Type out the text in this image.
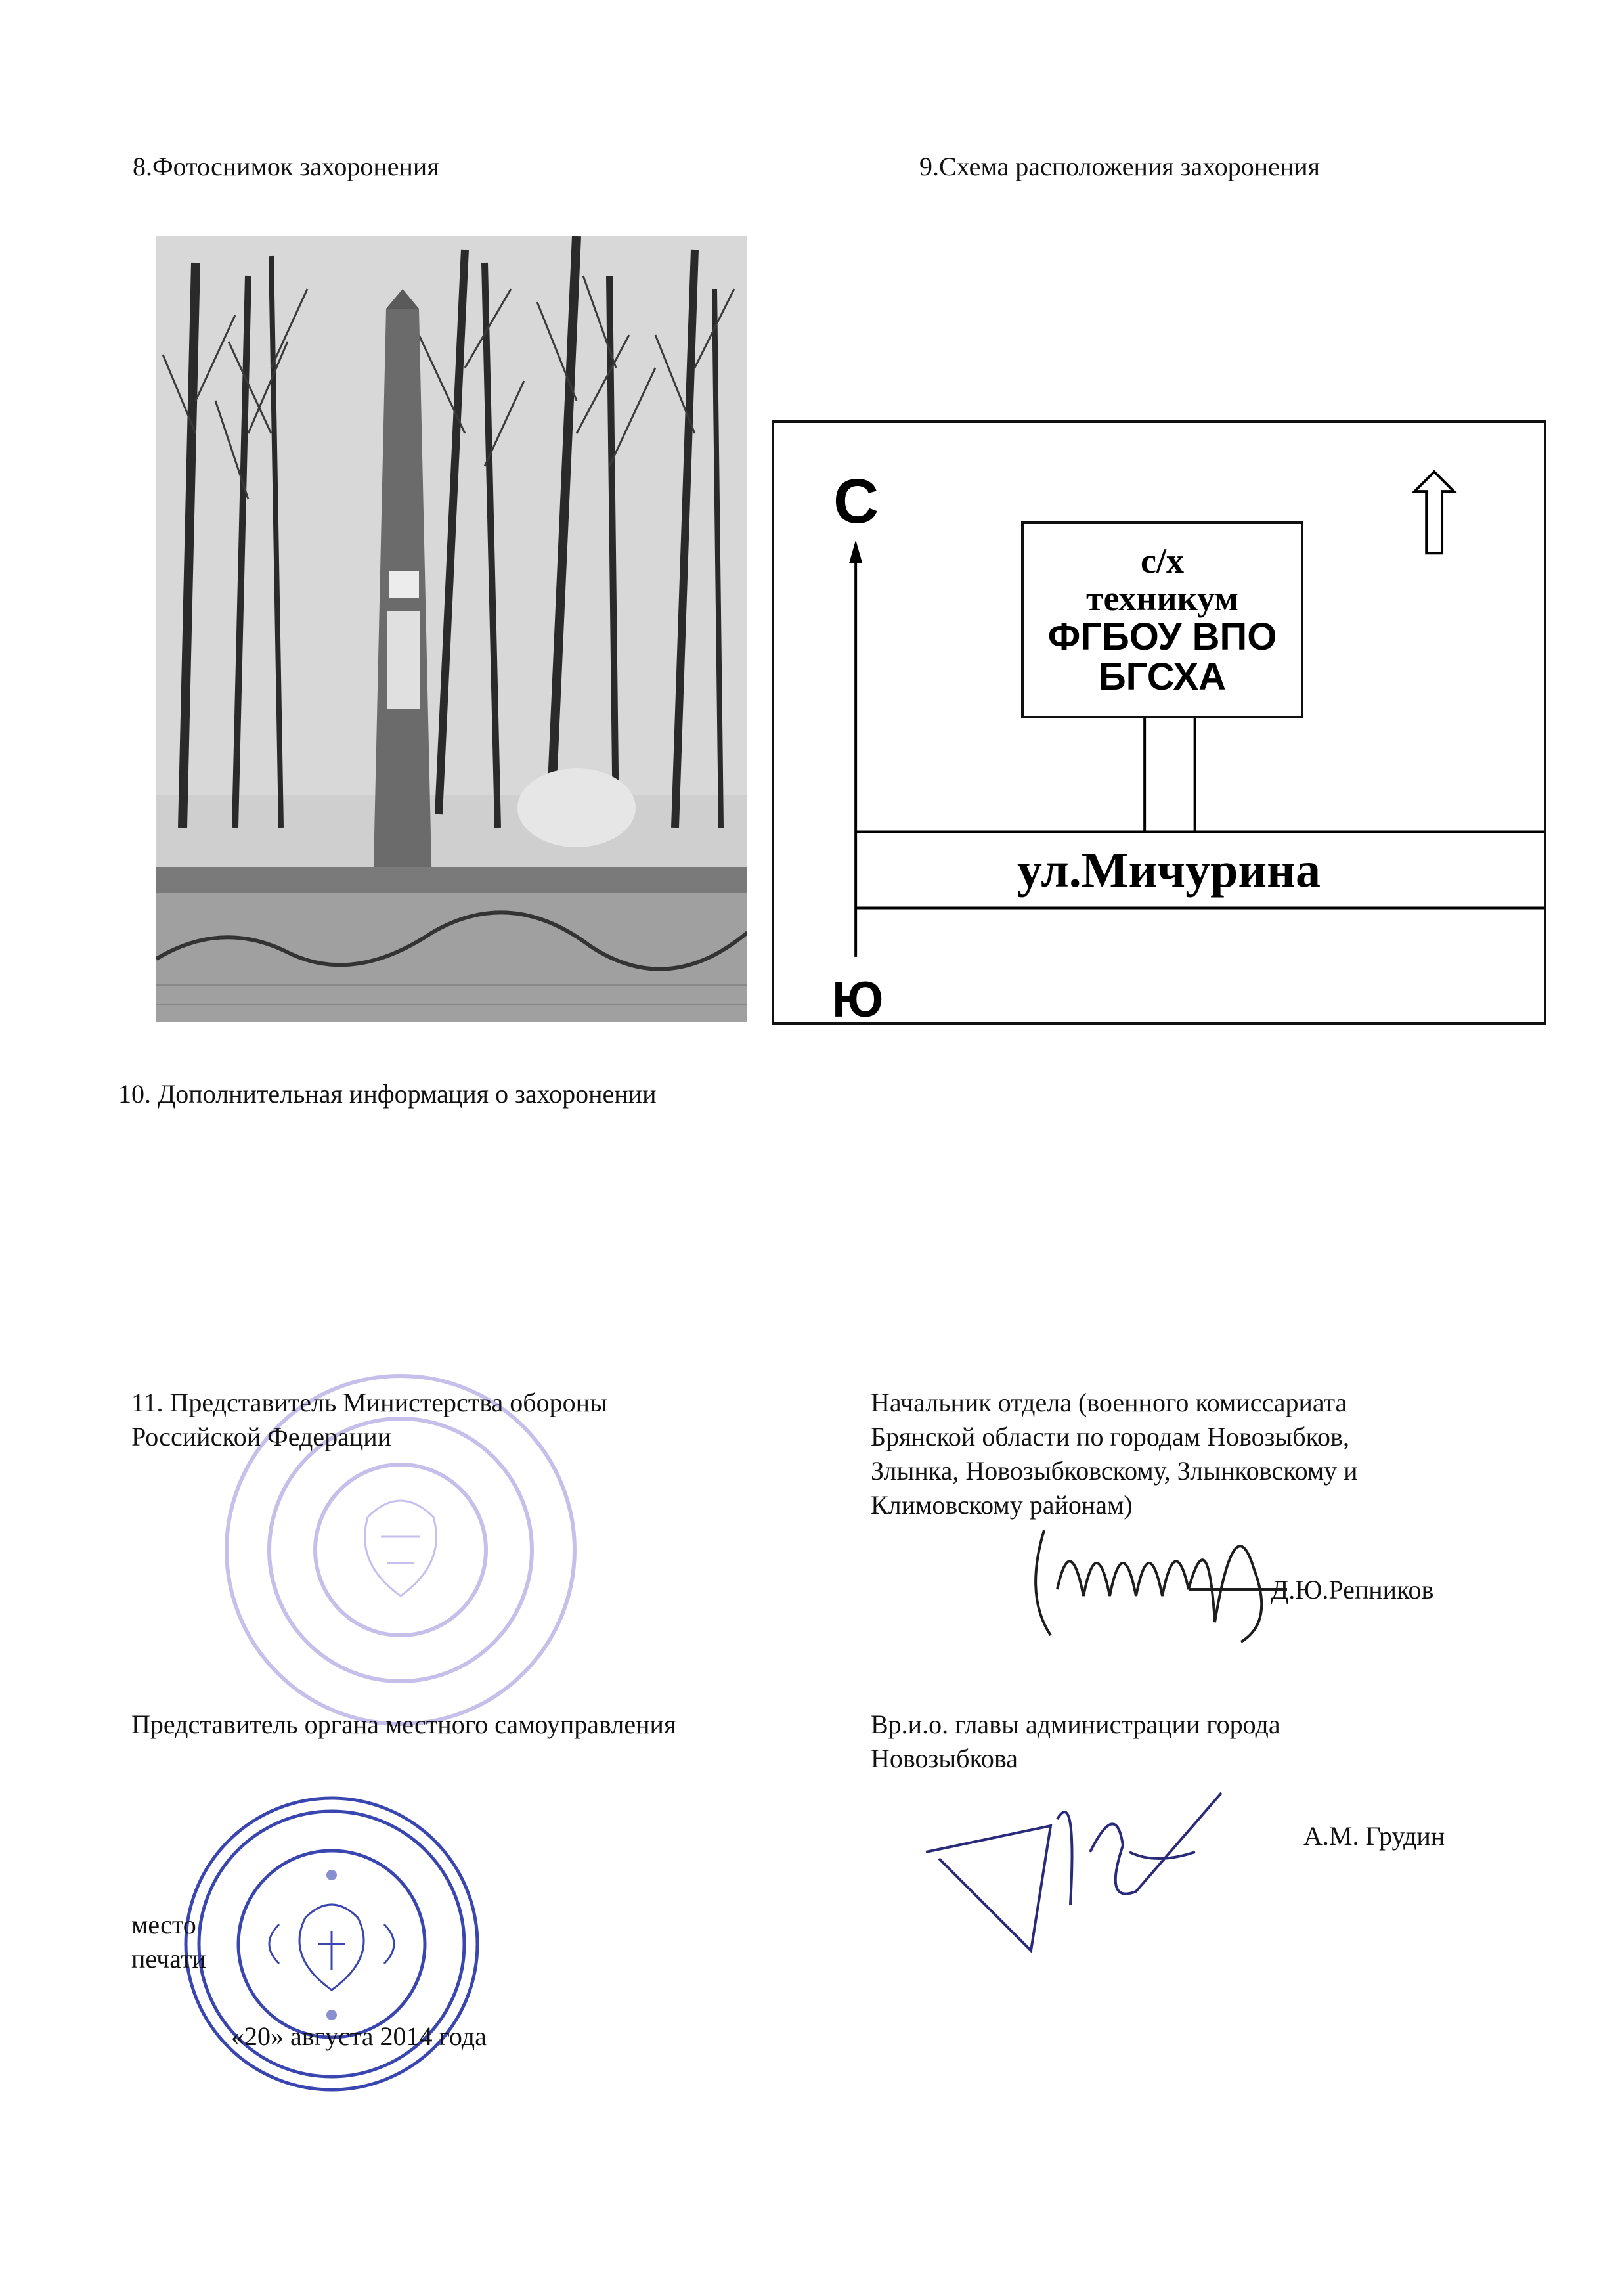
8.Фотоснимок захоронения	9.Схема расположения захоронения
С
Ю
с/х
техникум
ФГБОУ ВПО
БГСХА
ул.Мичурина
10. Дополнительная информация о захоронении
11. Представитель Министерства обороны
Российской Федерации
Начальник отдела (военного комиссариата
Брянской области по городам Новозыбков,
Злынка, Новозыбковскому, Злынковскому и
Климовскому районам)
Д.Ю.Репников
Представитель органа местного самоуправления	Вр.и.о. главы администрации города
Новозыбкова
А.М. Грудин
место
печати
«20» августа 2014 года
